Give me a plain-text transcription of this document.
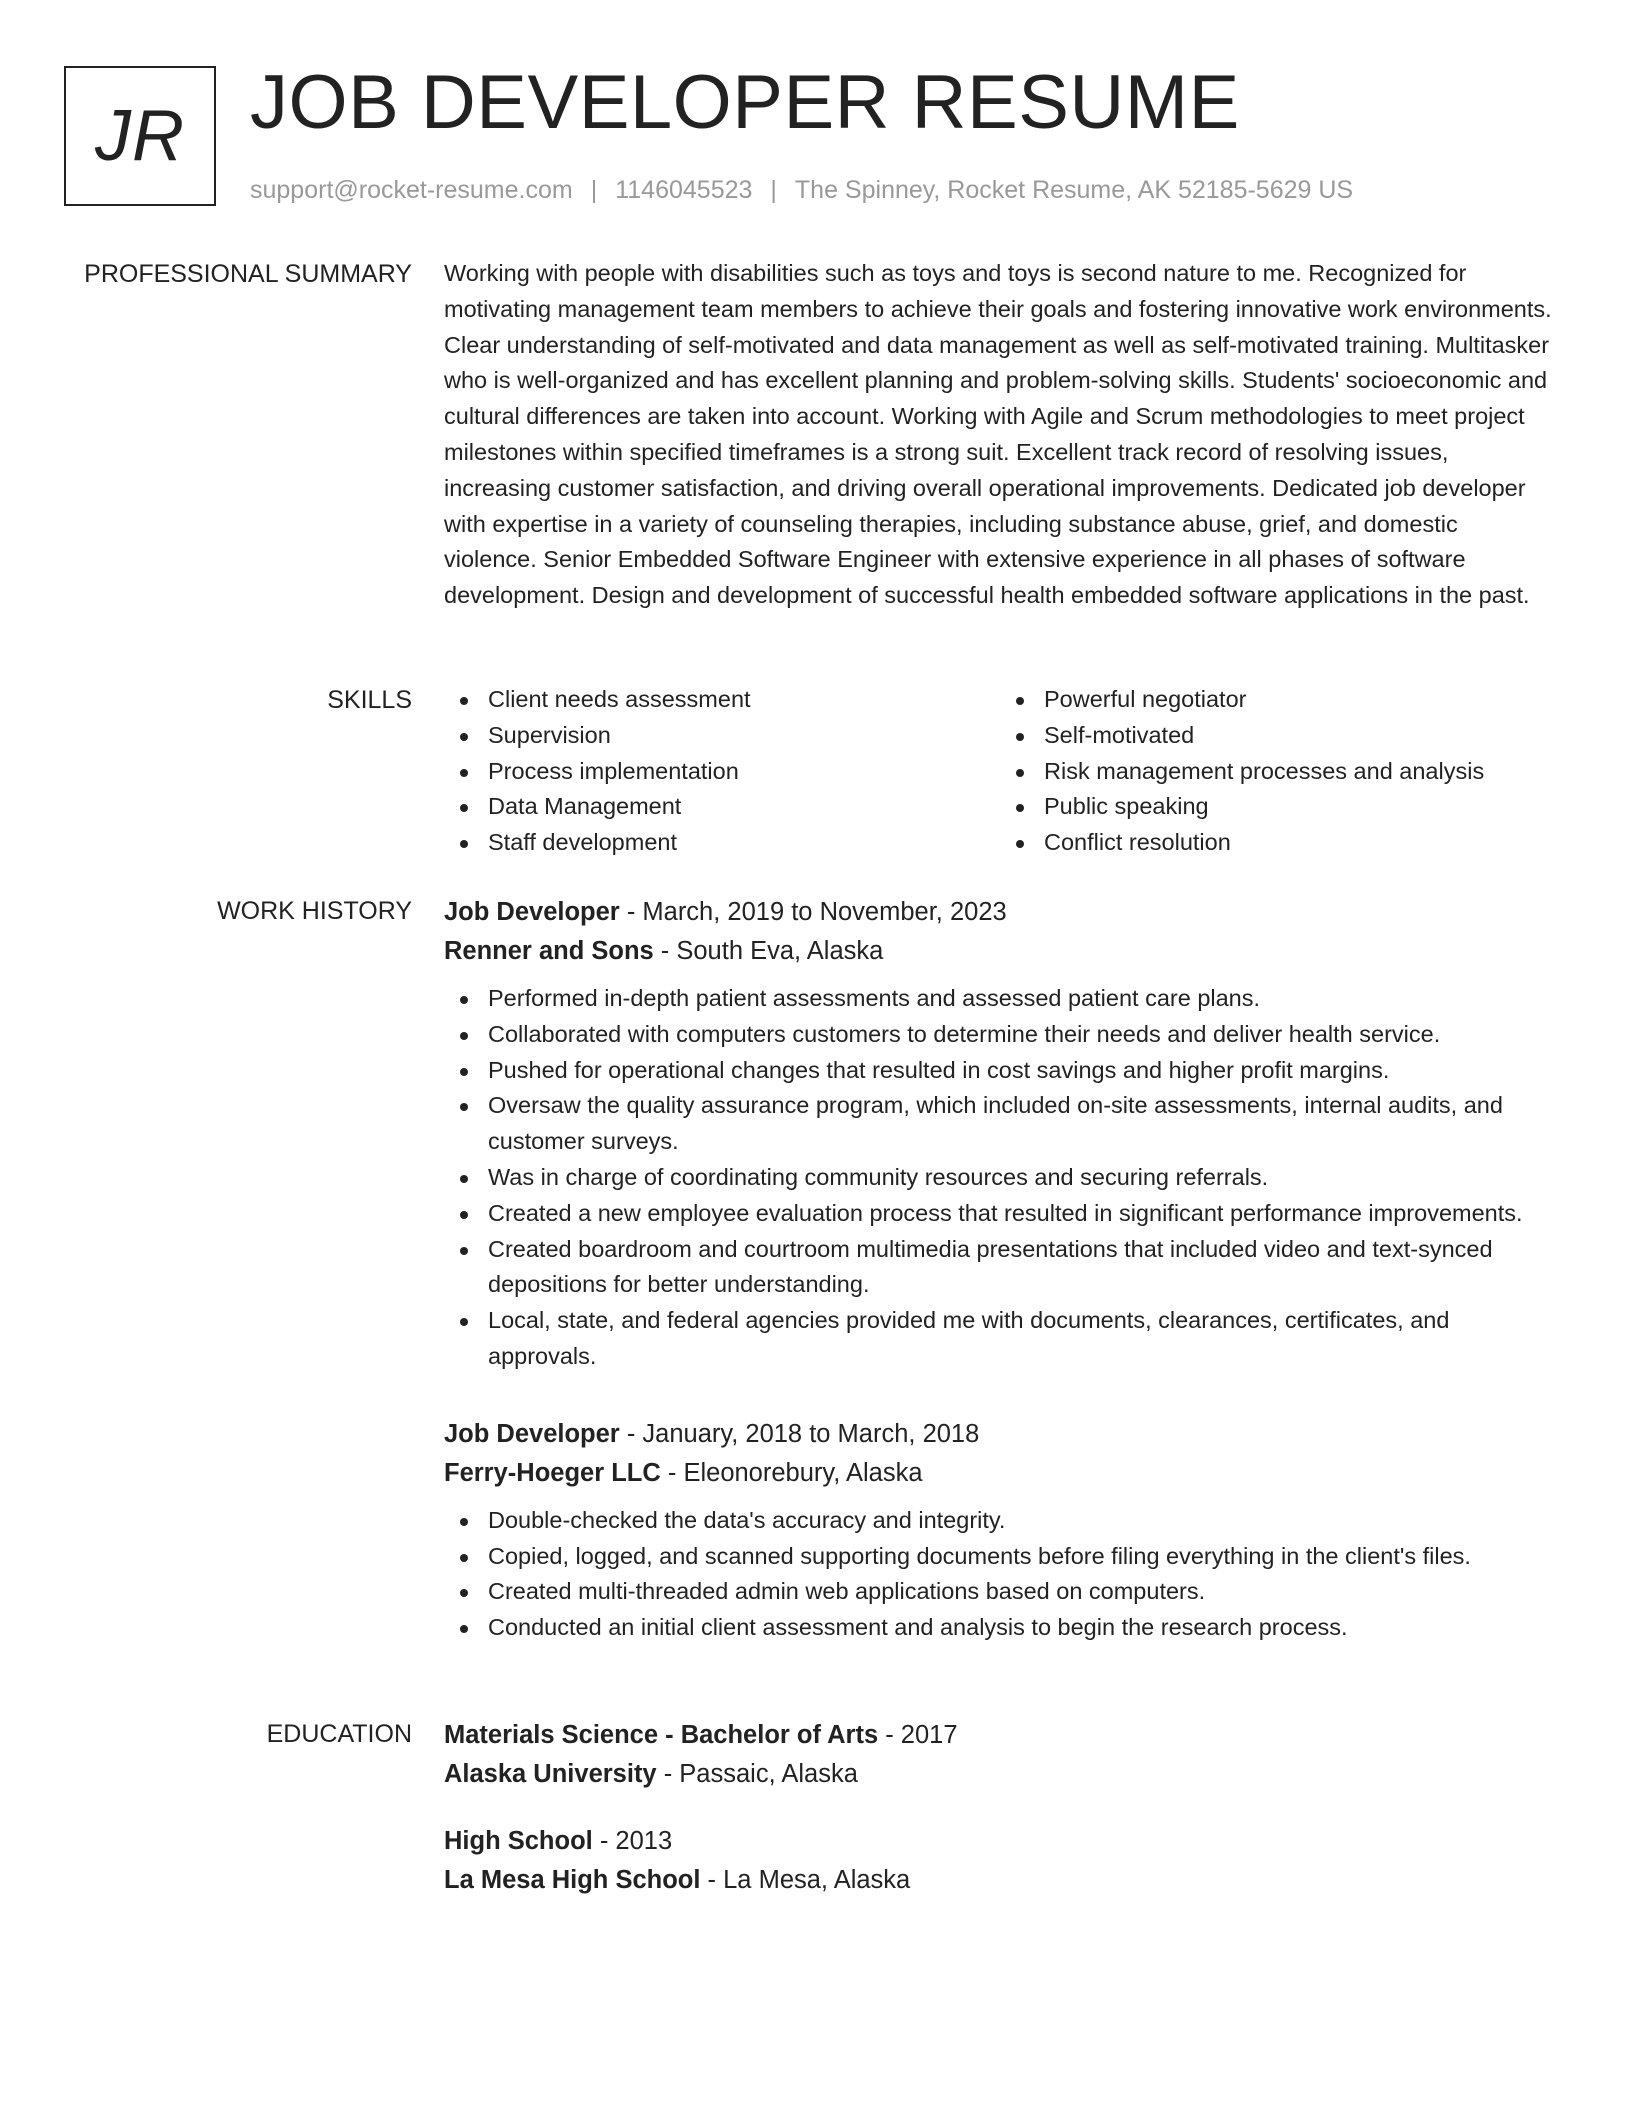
JR JOB DEVELOPER RESUME
support@rocket-resume.com | 1146045523 | The Spinney, Rocket Resume, AK 52185-5629 US
PROFESSIONAL SUMMARY Working with people with disabilities such as toys and toys is second nature to me. Recognized for motivating management team members to achieve their goals and fostering innovative work environments. Clear understanding of self-motivated and data management as well as self-motivated training. Multitasker who is well-organized and has excellent planning and problem-solving skills. Students' socioeconomic and cultural differences are taken into account. Working with Agile and Scrum methodologies to meet project milestones within specified timeframes is a strong suit. Excellent track record of resolving issues, increasing customer satisfaction, and driving overall operational improvements. Dedicated job developer with expertise in a variety of counseling therapies, including substance abuse, grief, and domestic violence. Senior Embedded Software Engineer with extensive experience in all phases of software development. Design and development of successful health embedded software applications in the past.

SKILLS	Client needs assessment
Supervision
Process implementation
Data Management
Staff development
Powerful negotiator
Self-motivated
Risk management processes and analysis
Public speaking
Conflict resolution
WORK HISTORY Job Developer - March, 2019 to November, 2023
Renner and Sons - South Eva, Alaska
Performed in-depth patient assessments and assessed patient care plans.
Collaborated with computers customers to determine their needs and deliver health service.
Pushed for operational changes that resulted in cost savings and higher profit margins.
Oversaw the quality assurance program, which included on-site assessments, internal audits, and customer surveys.
Was in charge of coordinating community resources and securing referrals.
Created a new employee evaluation process that resulted in significant performance improvements.
Created boardroom and courtroom multimedia presentations that included video and text-synced depositions for better understanding.
Local, state, and federal agencies provided me with documents, clearances, certificates, and approvals.
Job Developer - January, 2018 to March, 2018
Ferry-Hoeger LLC - Eleonorebury, Alaska
Double-checked the data's accuracy and integrity.
Copied, logged, and scanned supporting documents before filing everything in the client's files.
Created multi-threaded admin web applications based on computers.
Conducted an initial client assessment and analysis to begin the research process.
EDUCATION Materials Science - Bachelor of Arts - 2017
Alaska University - Passaic, Alaska
High School - 2013
La Mesa High School - La Mesa, Alaska
